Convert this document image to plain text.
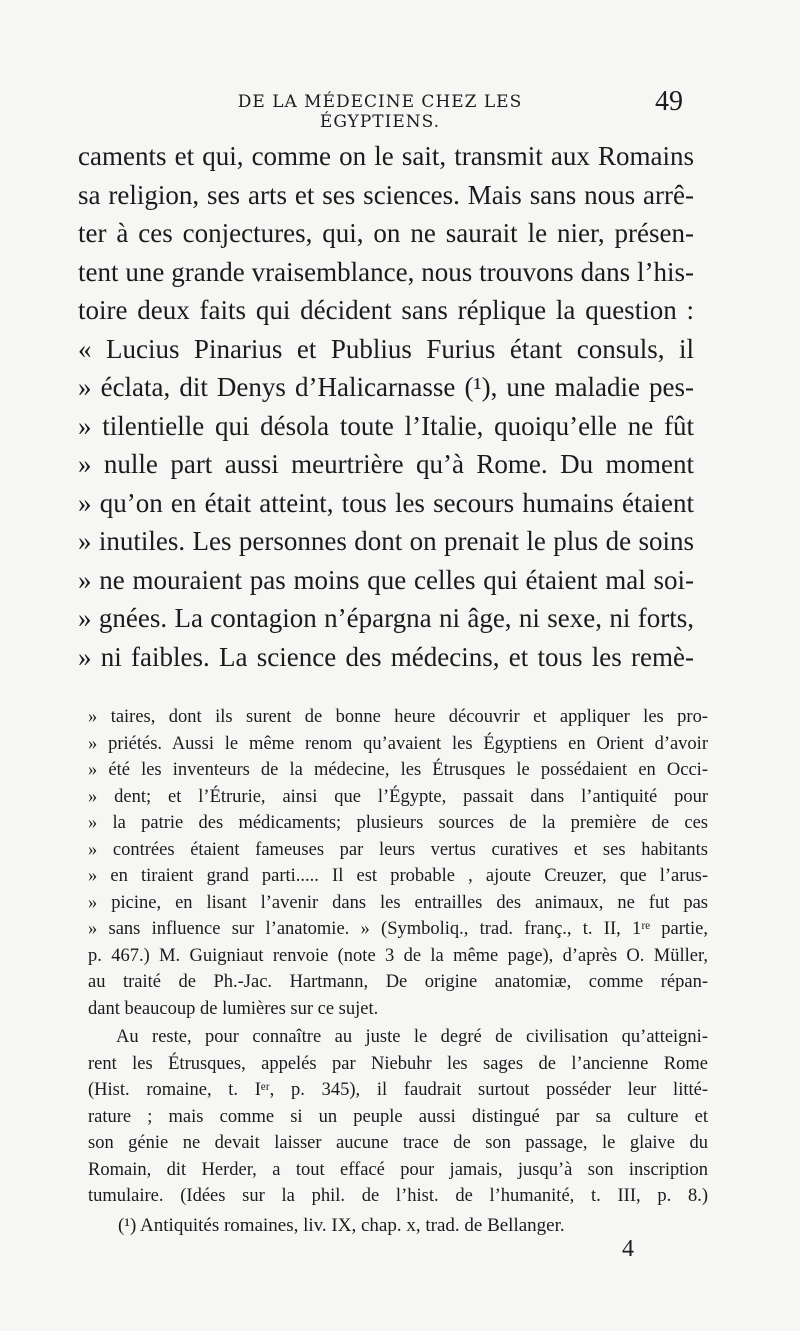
DE LA MÉDECINE CHEZ LES ÉGYPTIENS.
49
caments et qui, comme on le sait, transmit aux Romains
sa religion, ses arts et ses sciences. Mais sans nous arrê-
ter à ces conjectures, qui, on ne saurait le nier, présen-
tent une grande vraisemblance, nous trouvons dans l’his-
toire deux faits qui décident sans réplique la question :
« Lucius Pinarius et Publius Furius étant consuls, il
» éclata, dit Denys d’Halicarnasse (¹), une maladie pes-
» tilentielle qui désola toute l’Italie, quoiqu’elle ne fût
» nulle part aussi meurtrière qu’à Rome. Du moment
» qu’on en était atteint, tous les secours humains étaient
» inutiles. Les personnes dont on prenait le plus de soins
» ne mouraient pas moins que celles qui étaient mal soi-
» gnées. La contagion n’épargna ni âge, ni sexe, ni forts,
» ni faibles. La science des médecins, et tous les remè-
» taires, dont ils surent de bonne heure découvrir et appliquer les pro-
» priétés. Aussi le même renom qu’avaient les Égyptiens en Orient d’avoir
» été les inventeurs de la médecine, les Étrusques le possédaient en Occi-
» dent; et l’Étrurie, ainsi que l’Égypte, passait dans l’antiquité pour
» la patrie des médicaments; plusieurs sources de la première de ces
» contrées étaient fameuses par leurs vertus curatives et ses habitants
» en tiraient grand parti..... Il est probable , ajoute Creuzer, que l’arus-
» picine, en lisant l’avenir dans les entrailles des animaux, ne fut pas
» sans influence sur l’anatomie. » (Symboliq., trad. franç., t. II, 1ʳᵉ partie,
p. 467.) M. Guigniaut renvoie (note 3 de la même page), d’après O. Müller,
au traité de Ph.-Jac. Hartmann, De origine anatomiæ, comme répan-
dant beaucoup de lumières sur ce sujet.
Au reste, pour connaître au juste le degré de civilisation qu’atteigni-
rent les Étrusques, appelés par Niebuhr les sages de l’ancienne Rome
(Hist. romaine, t. Iᵉʳ, p. 345), il faudrait surtout posséder leur litté-
rature ; mais comme si un peuple aussi distingué par sa culture et
son génie ne devait laisser aucune trace de son passage, le glaive du
Romain, dit Herder, a tout effacé pour jamais, jusqu’à son inscription
tumulaire. (Idées sur la phil. de l’hist. de l’humanité, t. III, p. 8.)
(¹) Antiquités romaines, liv. IX, chap. x, trad. de Bellanger.
4
